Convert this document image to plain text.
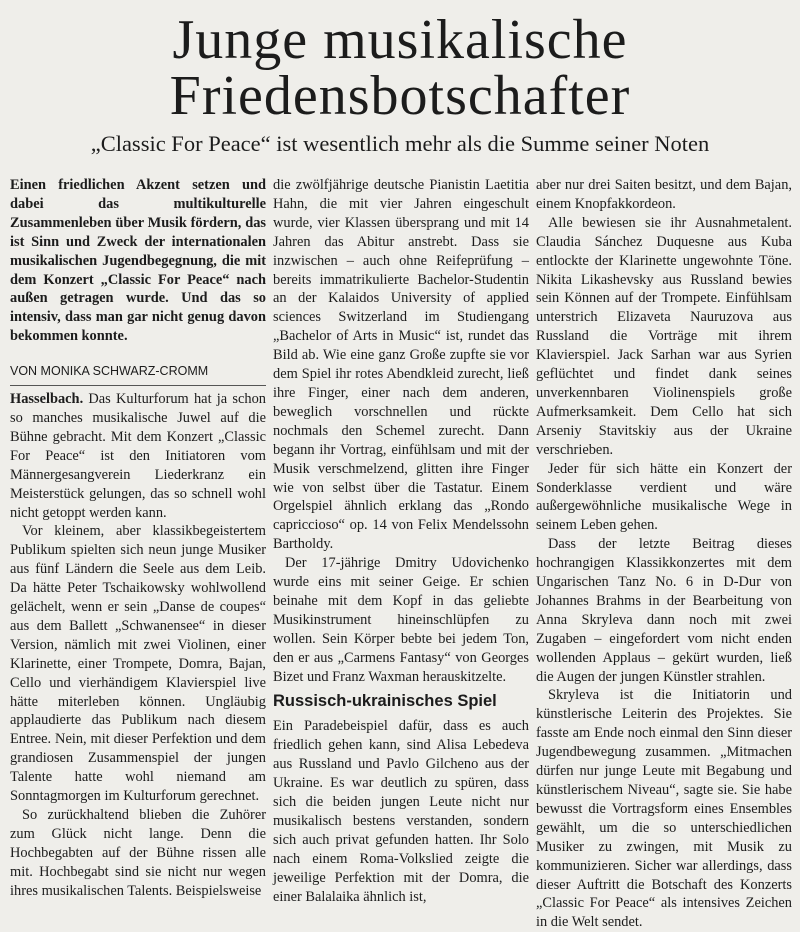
Junge musikalische
Friedensbotschafter
„Classic For Peace“ ist wesentlich mehr als die Summe seiner Noten

Einen friedlichen Akzent setzen und dabei das multikulturelle Zusammenleben über Musik fördern, das ist Sinn und Zweck der internationalen musikalischen Jugendbegegnung, die mit dem Konzert „Classic For Peace“ nach außen getragen wurde. Und das so intensiv, dass man gar nicht genug davon bekommen konnte.

VON MONIKA SCHWARZ-CROMM

Hasselbach. Das Kulturforum hat ja schon so manches musikalische Juwel auf die Bühne gebracht. Mit dem Konzert „Classic For Peace“ ist den Initiatoren vom Männergesangverein Liederkranz ein Meisterstück gelungen, das so schnell wohl nicht getoppt werden kann.

Vor kleinem, aber klassikbegeistertem Publikum spielten sich neun junge Musiker aus fünf Ländern die Seele aus dem Leib. Da hätte Peter Tschaikowsky wohlwollend gelächelt, wenn er sein „Danse de coupes“ aus dem Ballett „Schwanensee“ in dieser Version, nämlich mit zwei Violinen, einer Klarinette, einer Trompete, Domra, Bajan, Cello und vierhändigem Klavierspiel live hätte miterleben können. Ungläubig applaudierte das Publikum nach diesem Entree. Nein, mit dieser Perfektion und dem grandiosen Zusammenspiel der jungen Talente hatte wohl niemand am Sonntagmorgen im Kulturforum gerechnet.

So zurückhaltend blieben die Zuhörer zum Glück nicht lange. Denn die Hochbegabten auf der Bühne rissen alle mit. Hochbegabt sind sie nicht nur wegen ihres musikalischen Talents. Beispielsweise

die zwölfjährige deutsche Pianistin Laetitia Hahn, die mit vier Jahren eingeschult wurde, vier Klassen übersprang und mit 14 Jahren das Abitur anstrebt. Dass sie inzwischen – auch ohne Reifeprüfung – bereits immatrikulierte Bachelor-Studentin an der Kalaidos University of applied sciences Switzerland im Studiengang „Bachelor of Arts in Music“ ist, rundet das Bild ab. Wie eine ganz Große zupfte sie vor dem Spiel ihr rotes Abendkleid zurecht, ließ ihre Finger, einer nach dem anderen, beweglich vorschnellen und rückte nochmals den Schemel zurecht. Dann begann ihr Vortrag, einfühlsam und mit der Musik verschmelzend, glitten ihre Finger wie von selbst über die Tastatur. Einem Orgelspiel ähnlich erklang das „Rondo capriccioso“ op. 14 von Felix Mendelssohn Bartholdy.

Der 17-jährige Dmitry Udovichenko wurde eins mit seiner Geige. Er schien beinahe mit dem Kopf in das geliebte Musikinstrument hineinschlüpfen zu wollen. Sein Körper bebte bei jedem Ton, den er aus „Carmens Fantasy“ von Georges Bizet und Franz Waxman herauskitzelte.

Russisch-ukrainisches Spiel

Ein Paradebeispiel dafür, dass es auch friedlich gehen kann, sind Alisa Lebedeva aus Russland und Pavlo Gilcheno aus der Ukraine. Es war deutlich zu spüren, dass sich die beiden jungen Leute nicht nur musikalisch bestens verstanden, sondern sich auch privat gefunden hatten. Ihr Solo nach einem Roma-Volkslied zeigte die jeweilige Perfektion mit der Domra, die einer Balalaika ähnlich ist,

aber nur drei Saiten besitzt, und dem Bajan, einem Knopfakkordeon.

Alle bewiesen sie ihr Ausnahmetalent. Claudia Sánchez Duquesne aus Kuba entlockte der Klarinette ungewohnte Töne. Nikita Likashevsky aus Russland bewies sein Können auf der Trompete. Einfühlsam unterstrich Elizaveta Nauruzova aus Russland die Vorträge mit ihrem Klavierspiel. Jack Sarhan war aus Syrien geflüchtet und findet dank seines unverkennbaren Violinenspiels große Aufmerksamkeit. Dem Cello hat sich Arseniy Stavitskiy aus der Ukraine verschrieben.

Jeder für sich hätte ein Konzert der Sonderklasse verdient und wäre außergewöhnliche musikalische Wege in seinem Leben gehen.

Dass der letzte Beitrag dieses hochrangigen Klassikkonzertes mit dem Ungarischen Tanz No. 6 in D-Dur von Johannes Brahms in der Bearbeitung von Anna Skryleva dann noch mit zwei Zugaben – eingefordert vom nicht enden wollenden Applaus – gekürt wurden, ließ die Augen der jungen Künstler strahlen.

Skryleva ist die Initiatorin und künstlerische Leiterin des Projektes. Sie fasste am Ende noch einmal den Sinn dieser Jugendbewegung zusammen. „Mitmachen dürfen nur junge Leute mit Begabung und künstlerischem Niveau“, sagte sie. Sie habe bewusst die Vortragsform eines Ensembles gewählt, um die so unterschiedlichen Musiker zu zwingen, mit Musik zu kommunizieren. Sicher war allerdings, dass dieser Auftritt die Botschaft des Konzerts „Classic For Peace“ als intensives Zeichen in die Welt sendet.
